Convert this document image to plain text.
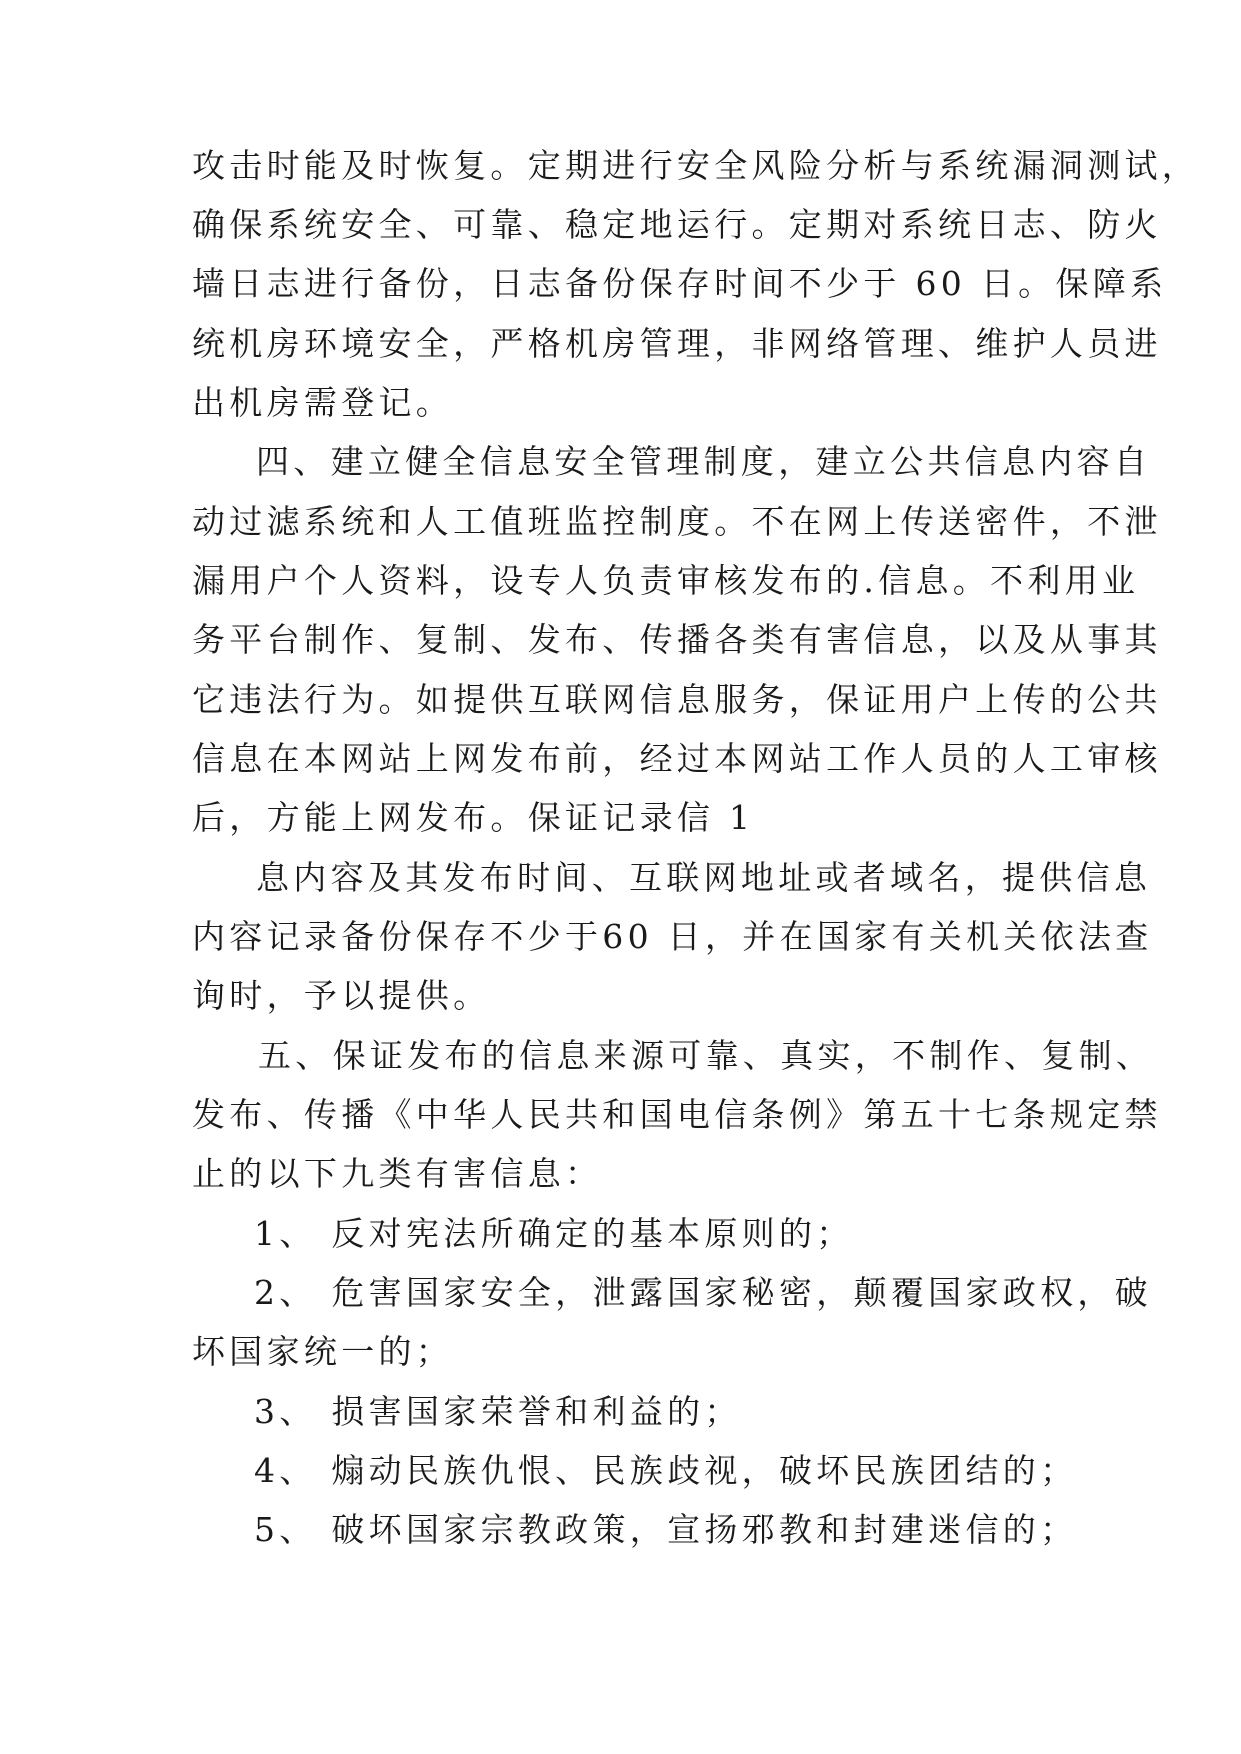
攻击时能及时恢复。定期进行安全风险分析与系统漏洞测试，
确保系统安全、可靠、稳定地运行。定期对系统日志、防火
墙日志进行备份，日志备份保存时间不少于 60 日。保障系
统机房环境安全，严格机房管理，非网络管理、维护人员进
出机房需登记。
四、建立健全信息安全管理制度，建立公共信息内容自
动过滤系统和人工值班监控制度。不在网上传送密件，不泄
漏用户个人资料，设专人负责审核发布的.信息。不利用业
务平台制作、复制、发布、传播各类有害信息，以及从事其
它违法行为。如提供互联网信息服务，保证用户上传的公共
信息在本网站上网发布前，经过本网站工作人员的人工审核
后，方能上网发布。保证记录信 1
息内容及其发布时间、互联网地址或者域名，提供信息
内容记录备份保存不少于60 日，并在国家有关机关依法查
询时，予以提供。
五、保证发布的信息来源可靠、真实，不制作、复制、
发布、传播《中华人民共和国电信条例》第五十七条规定禁
止的以下九类有害信息：
1、 反对宪法所确定的基本原则的；
2、 危害国家安全，泄露国家秘密，颠覆国家政权，破
坏国家统一的；
3、 损害国家荣誉和利益的；
4、 煽动民族仇恨、民族歧视，破坏民族团结的；
5、 破坏国家宗教政策，宣扬邪教和封建迷信的；
